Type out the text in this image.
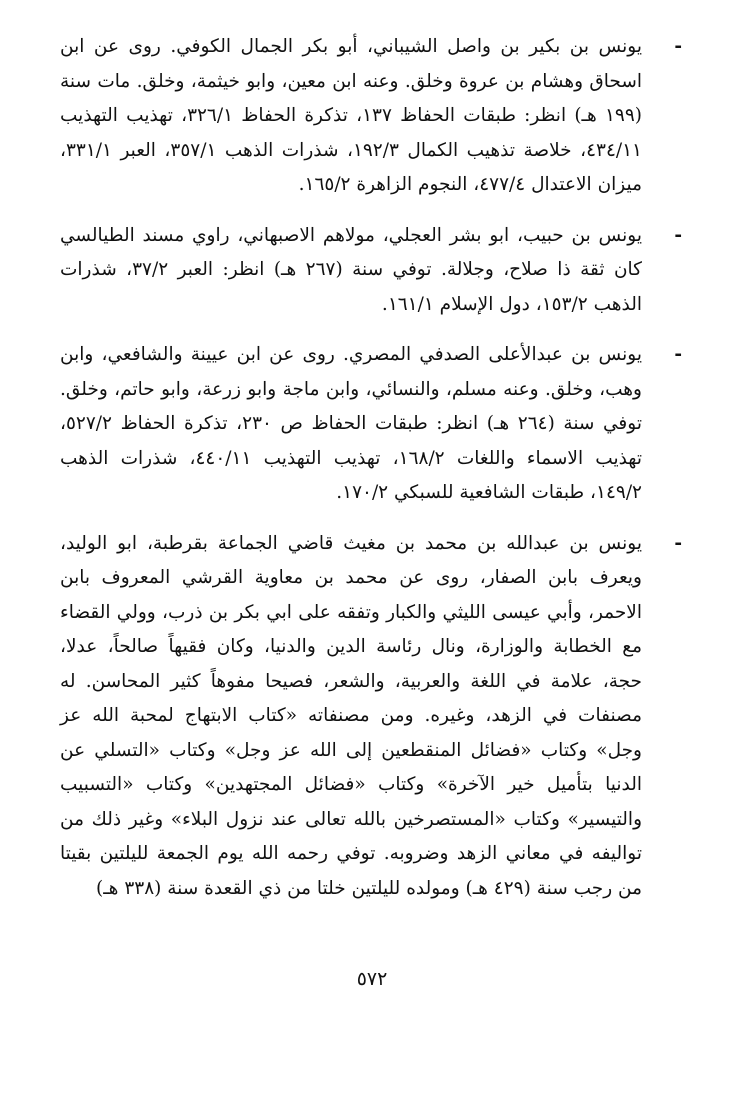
-
يونس بن بكير بن واصل الشيباني، أبو بكر الجمال الكوفي. روى عن ابن اسحاق وهشام بن عروة وخلق. وعنه ابن معين، وابو خيثمة، وخلق. مات سنة (١٩٩ هـ) انظر: طبقات الحفاظ ١٣٧، تذكرة الحفاظ ٣٢٦/١، تهذيب التهذيب ٤٣٤/١١، خلاصة تذهيب الكمال ١٩٢/٣، شذرات الذهب ٣٥٧/١، العبر ٣٣١/١، ميزان الاعتدال ٤٧٧/٤، النجوم الزاهرة ١٦٥/٢.

-
يونس بن حبيب، ابو بشر العجلي، مولاهم الاصبهاني، راوي مسند الطيالسي كان ثقة ذا صلاح، وجلالة. توفي سنة (٢٦٧ هـ) انظر: العبر ٣٧/٢، شذرات الذهب ١٥٣/٢، دول الإسلام ١٦١/١.

-
يونس بن عبدالأعلى الصدفي المصري. روى عن ابن عيينة والشافعي، وابن وهب، وخلق. وعنه مسلم، والنسائي، وابن ماجة وابو زرعة، وابو حاتم، وخلق. توفي سنة (٢٦٤ هـ) انظر: طبقات الحفاظ ص ٢٣٠، تذكرة الحفاظ ٥٢٧/٢، تهذيب الاسماء واللغات ١٦٨/٢، تهذيب التهذيب ٤٤٠/١١، شذرات الذهب ١٤٩/٢، طبقات الشافعية للسبكي ١٧٠/٢.

-
يونس بن عبدالله بن محمد بن مغيث قاضي الجماعة بقرطبة، ابو الوليد، ويعرف بابن الصفار، روى عن محمد بن معاوية القرشي المعروف بابن الاحمر، وأبي عيسى الليثي والكبار وتفقه على ابي بكر بن ذرب، وولي القضاء مع الخطابة والوزارة، ونال رئاسة الدين والدنيا، وكان فقيهاً صالحاً، عدلا، حجة، علامة في اللغة والعربية، والشعر، فصيحا مفوهاً كثير المحاسن. له مصنفات في الزهد، وغيره. ومن مصنفاته «كتاب الابتهاج لمحبة الله عز وجل» وكتاب «فضائل المنقطعين إلى الله عز وجل» وكتاب «التسلي عن الدنيا بتأميل خير الآخرة» وكتاب «فضائل المجتهدين» وكتاب «التسبيب والتيسير» وكتاب «المستصرخين بالله تعالى عند نزول البلاء» وغير ذلك من تواليفه في معاني الزهد وضروبه. توفي رحمه الله يوم الجمعة لليلتين بقيتا من رجب سنة (٤٢٩ هـ) ومولده لليلتين خلتا من ذي القعدة سنة (٣٣٨ هـ)

٥٧٢
